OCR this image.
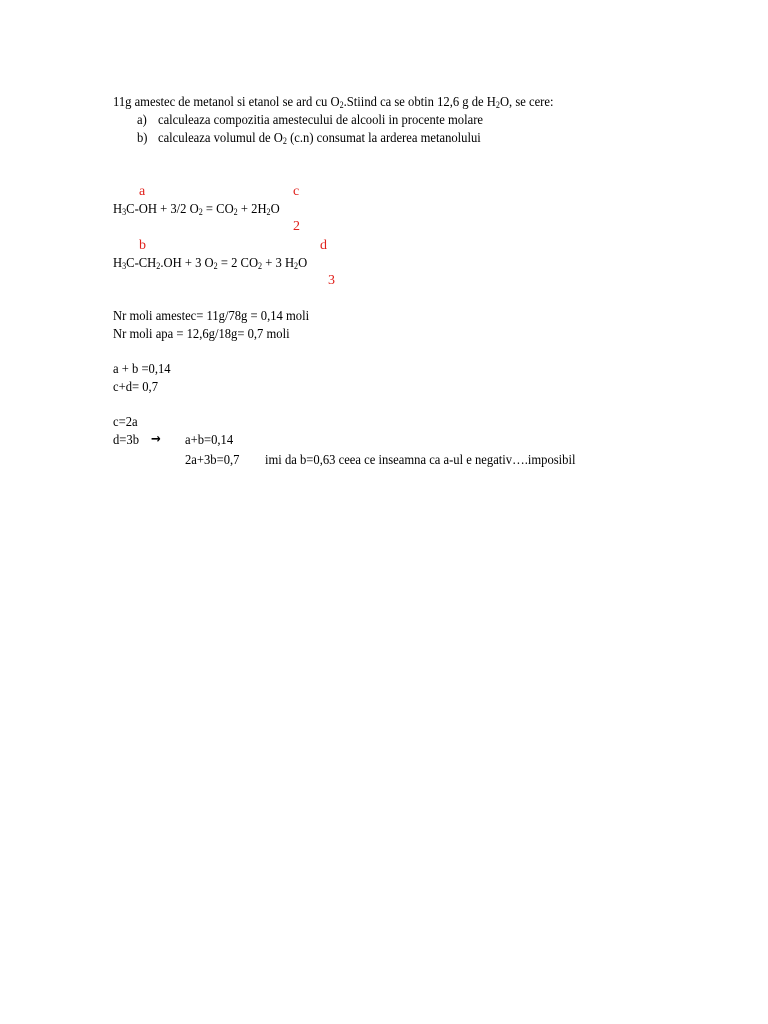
11g amestec de metanol si etanol se ard cu $O_2.Stiind$ ca se obtin 12,6 g de $H_2O$, se cere:
a) calculeaza compozitia amestecului de alcooli in procente molare
b) calculeaza volumul de $O_2$ (c.n) consumat la arderea metanolului
a	c
$H_3C-OH + 3/2$ $O_2 = CO_2 + 2H_2O$
2
b	d
$H_3C-CH_2.OH + 3$ $O_2 = 2$ $CO_2 + 3$ $H_2O$
3
Nr moli amestec= 11g/78g = 0,14 moli
Nr moli apa = 12,6g/18g= 0,7 moli
a + b =0,14
c+d= 0,7
c=2a
d=3b → a+b=0,14
2a+3b=0,7 imi da b=0,63 ceea ce inseamna ca a-ul e negativ….imposibil
